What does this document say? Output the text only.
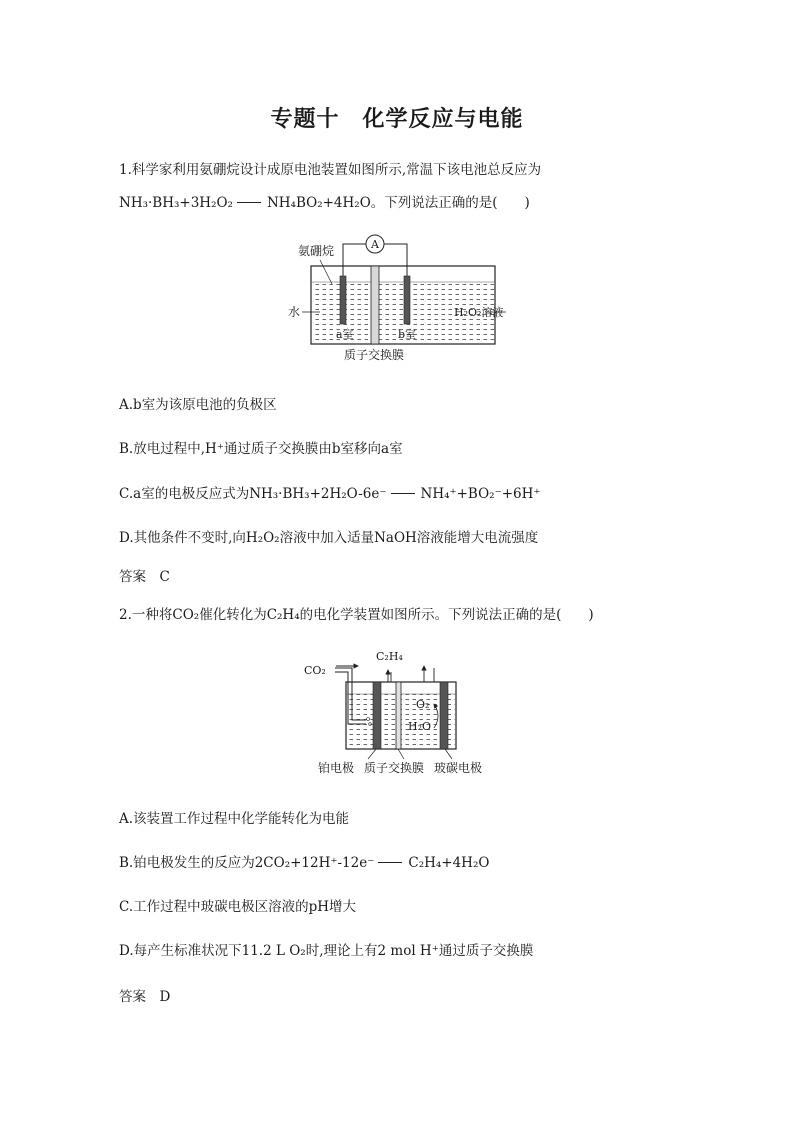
专题十　化学反应与电能
1.科学家利用氨硼烷设计成原电池装置如图所示,常温下该电池总反应为
NH₃·BH₃+3H₂O₂	NH₄BO₂+4H₂O。下列说法正确的是(　　)
A
氨硼烷
水	H₂O₂溶液
a室	b室
质子交换膜
A.b室为该原电池的负极区
B.放电过程中,H⁺通过质子交换膜由b室移向a室
C.a室的电极反应式为NH₃·BH₃+2H₂O-6e⁻	NH₄⁺+BO₂⁻+6H⁺
D.其他条件不变时,向H₂O₂溶液中加入适量NaOH溶液能增大电流强度
答案　C
2.一种将CO₂催化转化为C₂H₄的电化学装置如图所示。下列说法正确的是(　　)
CO₂
C₂H₄
O₂
H₂O
铂电极 质子交换膜 玻碳电极
A.该装置工作过程中化学能转化为电能
B.铂电极发生的反应为2CO₂+12H⁺-12e⁻	C₂H₄+4H₂O
C.工作过程中玻碳电极区溶液的pH增大
D.每产生标准状况下11.2 L O₂时,理论上有2 mol H⁺通过质子交换膜
答案　D
